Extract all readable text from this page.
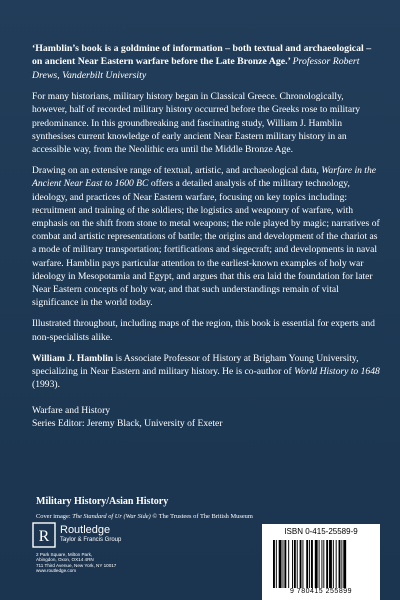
‘Hamblin’s book is a goldmine of information – both textual and archaeological – on ancient Near Eastern warfare before the Late Bronze Age.’ Professor Robert Drews, Vanderbilt University

For many historians, military history began in Classical Greece. Chronologically, however, half of recorded military history occurred before the Greeks rose to military predominance. In this groundbreaking and fascinating study, William J. Hamblin synthesises current knowledge of early ancient Near Eastern military history in an accessible way, from the Neolithic era until the Middle Bronze Age.

Drawing on an extensive range of textual, artistic, and archaeological data, Warfare in the Ancient Near East to 1600 BC offers a detailed analysis of the military technology, ideology, and practices of Near Eastern warfare, focusing on key topics including: recruitment and training of the soldiers; the logistics and weaponry of warfare, with emphasis on the shift from stone to metal weapons; the role played by magic; narratives of combat and artistic representations of battle; the origins and development of the chariot as a mode of military transportation; fortifications and siegecraft; and developments in naval warfare. Hamblin pays particular attention to the earliest-known examples of holy war ideology in Mesopotamia and Egypt, and argues that this era laid the foundation for later Near Eastern concepts of holy war, and that such understandings remain of vital significance in the world today.

Illustrated throughout, including maps of the region, this book is essential for experts and non-specialists alike.

William J. Hamblin is Associate Professor of History at Brigham Young University, specializing in Near Eastern and military history. He is co-author of World History to 1648 (1993).

Warfare and History

Series Editor: Jeremy Black, University of Exeter

Military History/Asian History
Cover image: The Standard of Ur (War Side) © The Trustees of The British Museum
R Routledge
Taylor & Francis Group
2 Park Square, Milton Park,
Abingdon, Oxon, OX14 4RN
711 Third Avenue, New York, NY 10017
www.routledge.com
ISBN 0-415-25589-9
9 780415 255899
